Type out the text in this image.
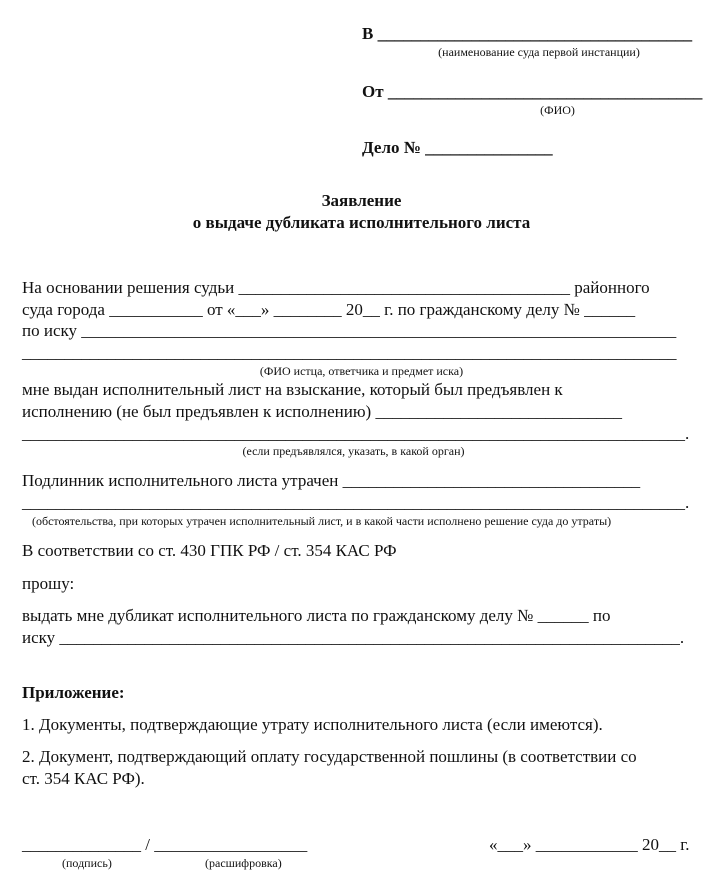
В _____________________________________
(наименование суда первой инстанции)
От _____________________________________
(ФИО)
Дело № _______________
Заявление
о выдаче дубликата исполнительного листа
На основании решения судьи _______________________________________ районного
суда города ___________ от «___» ________ 20__ г. по гражданскому делу № ______
по иску ______________________________________________________________________
_____________________________________________________________________________
(ФИО истца, ответчика и предмет иска)
мне выдан исполнительный лист на взыскание, который был предъявлен к
исполнению (не был предъявлен к исполнению) _____________________________
______________________________________________________________________________.
(если предъявлялся, указать, в какой орган)
Подлинник исполнительного листа утрачен ___________________________________
______________________________________________________________________________.
(обстоятельства, при которых утрачен исполнительный лист, и в какой части исполнено решение суда до утраты)
В соответствии со ст. 430 ГПК РФ / ст. 354 КАС РФ
прошу:
выдать мне дубликат исполнительного листа по гражданскому делу № ______ по
иску _________________________________________________________________________.
Приложение:
1. Документы, подтверждающие утрату исполнительного листа (если имеются).
2. Документ, подтверждающий оплату государственной пошлины (в соответствии со
ст. 354 КАС РФ).
______________ / __________________
(подпись)	(расшифровка)
«___» ____________ 20__ г.
